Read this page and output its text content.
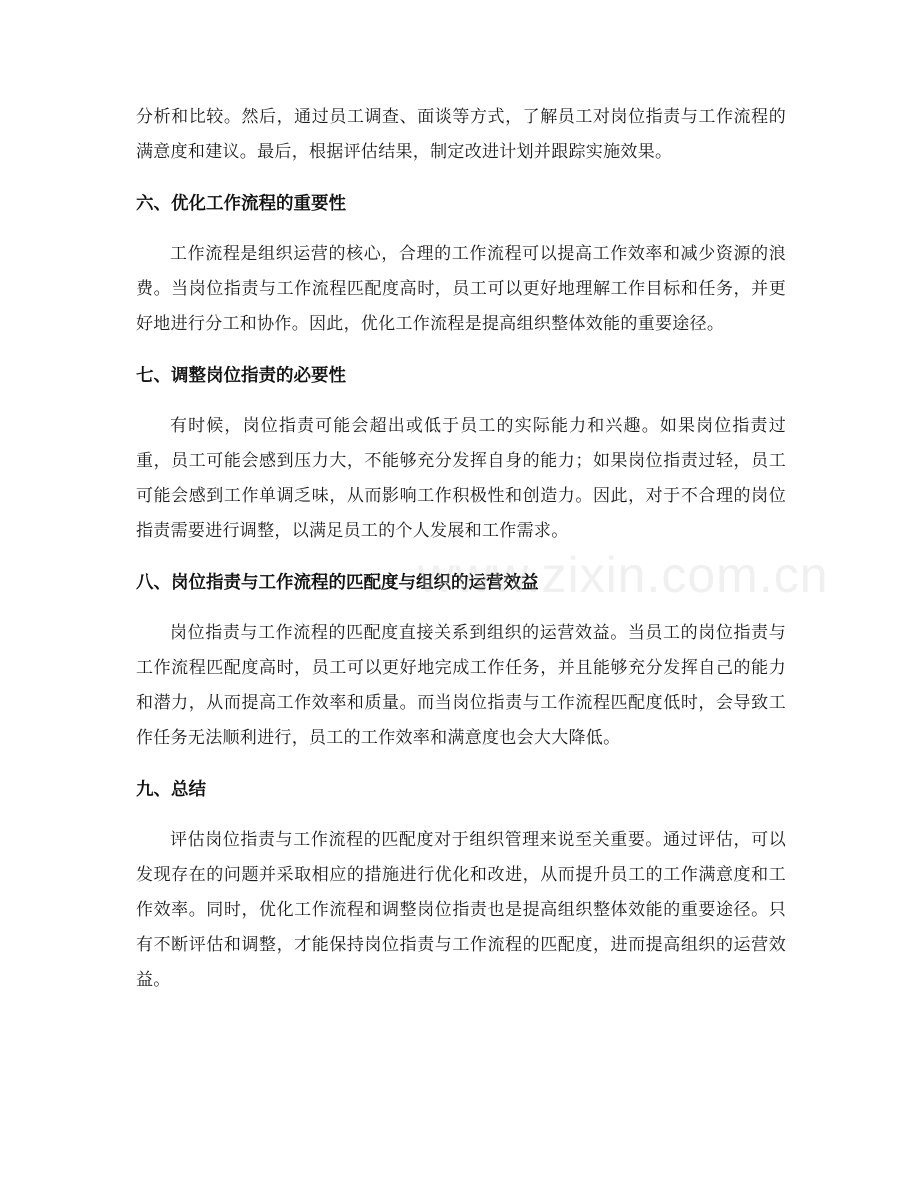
分析和比较。然后，通过员工调查、面谈等方式，了解员工对岗位指责与工作流程的满意度和建议。最后，根据评估结果，制定改进计划并跟踪实施效果。

六、优化工作流程的重要性

工作流程是组织运营的核心，合理的工作流程可以提高工作效率和减少资源的浪费。当岗位指责与工作流程匹配度高时，员工可以更好地理解工作目标和任务，并更好地进行分工和协作。因此，优化工作流程是提高组织整体效能的重要途径。

七、调整岗位指责的必要性

有时候，岗位指责可能会超出或低于员工的实际能力和兴趣。如果岗位指责过重，员工可能会感到压力大，不能够充分发挥自身的能力；如果岗位指责过轻，员工可能会感到工作单调乏味，从而影响工作积极性和创造力。因此，对于不合理的岗位指责需要进行调整，以满足员工的个人发展和工作需求。

八、岗位指责与工作流程的匹配度与组织的运营效益

岗位指责与工作流程的匹配度直接关系到组织的运营效益。当员工的岗位指责与工作流程匹配度高时，员工可以更好地完成工作任务，并且能够充分发挥自己的能力和潜力，从而提高工作效率和质量。而当岗位指责与工作流程匹配度低时，会导致工作任务无法顺利进行，员工的工作效率和满意度也会大大降低。

九、总结

评估岗位指责与工作流程的匹配度对于组织管理来说至关重要。通过评估，可以发现存在的问题并采取相应的措施进行优化和改进，从而提升员工的工作满意度和工作效率。同时，优化工作流程和调整岗位指责也是提高组织整体效能的重要途径。只有不断评估和调整，才能保持岗位指责与工作流程的匹配度，进而提高组织的运营效益。

www.zixin.com.cn
